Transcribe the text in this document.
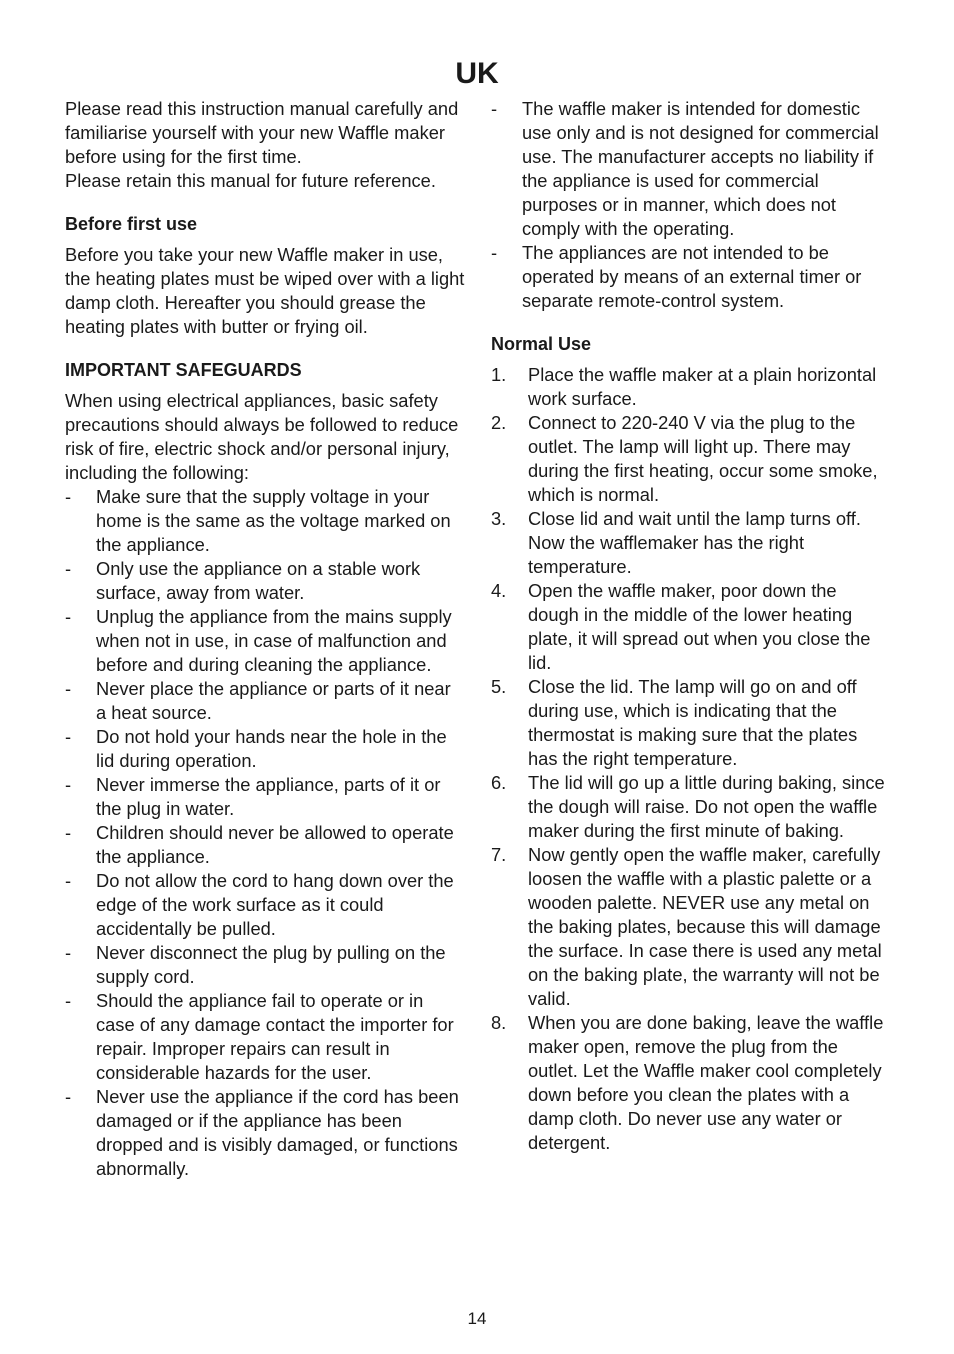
UK

Please read this instruction manual carefully and familiarise yourself with your new Waffle maker before using for the first time.

Please retain this manual for future reference.

Before first use

Before you take your new Waffle maker in use, the heating plates must be wiped over with a light damp cloth. Hereafter you should grease the heating plates with butter or frying oil.

IMPORTANT SAFEGUARDS

When using electrical appliances, basic safety precautions should always be followed to reduce risk of fire, electric shock and/or personal injury, including the following:

- Make sure that the supply voltage in your home is the same as the voltage marked on the appliance.
- Only use the appliance on a stable work surface, away from water.
- Unplug the appliance from the mains supply when not in use, in case of malfunction and before and during cleaning the appliance.
- Never place the appliance or parts of it near a heat source.
- Do not hold your hands near the hole in the lid during operation.
- Never immerse the appliance, parts of it or the plug in water.
- Children should never be allowed to operate the appliance.
- Do not allow the cord to hang down over the edge of the work surface as it could accidentally be pulled.
- Never disconnect the plug by pulling on the supply cord.
- Should the appliance fail to operate or in case of any damage contact the importer for repair. Improper repairs can result in considerable hazards for the user.
- Never use the appliance if the cord has been damaged or if the appliance has been dropped and is visibly damaged, or functions abnormally.
- The waffle maker is intended for domestic use only and is not designed for commercial use. The manufacturer accepts no liability if
the appliance is used for commercial purposes or in manner, which does not comply with the operating.
- The appliances are not intended to be operated by means of an external timer or separate remote-control system.

Normal Use

1. Place the waffle maker at a plain horizontal work surface.
2. Connect to 220-240 V via the plug to the outlet. The lamp will light up. There may during the first heating, occur some smoke, which is normal.
3. Close lid and wait until the lamp turns off. Now the wafflemaker has the right temperature.
4. Open the waffle maker, poor down the dough in the middle of the lower heating plate, it will spread out when you close the lid.
5. Close the lid. The lamp will go on and off during use, which is indicating that the thermostat is making sure that the plates has the right temperature.
6. The lid will go up a little during baking, since the dough will raise. Do not open the waffle maker during the first minute of baking.
7. Now gently open the waffle maker, carefully loosen the waffle with a plastic palette or a wooden palette. NEVER use any metal on the baking plates, because this will damage the surface. In case there is used any metal on the baking plate, the warranty will not be valid.
8. When you are done baking, leave the waffle maker open, remove the plug from the outlet. Let the Waffle maker cool completely down before you clean the plates with a damp cloth. Do never use any water or detergent.
14
